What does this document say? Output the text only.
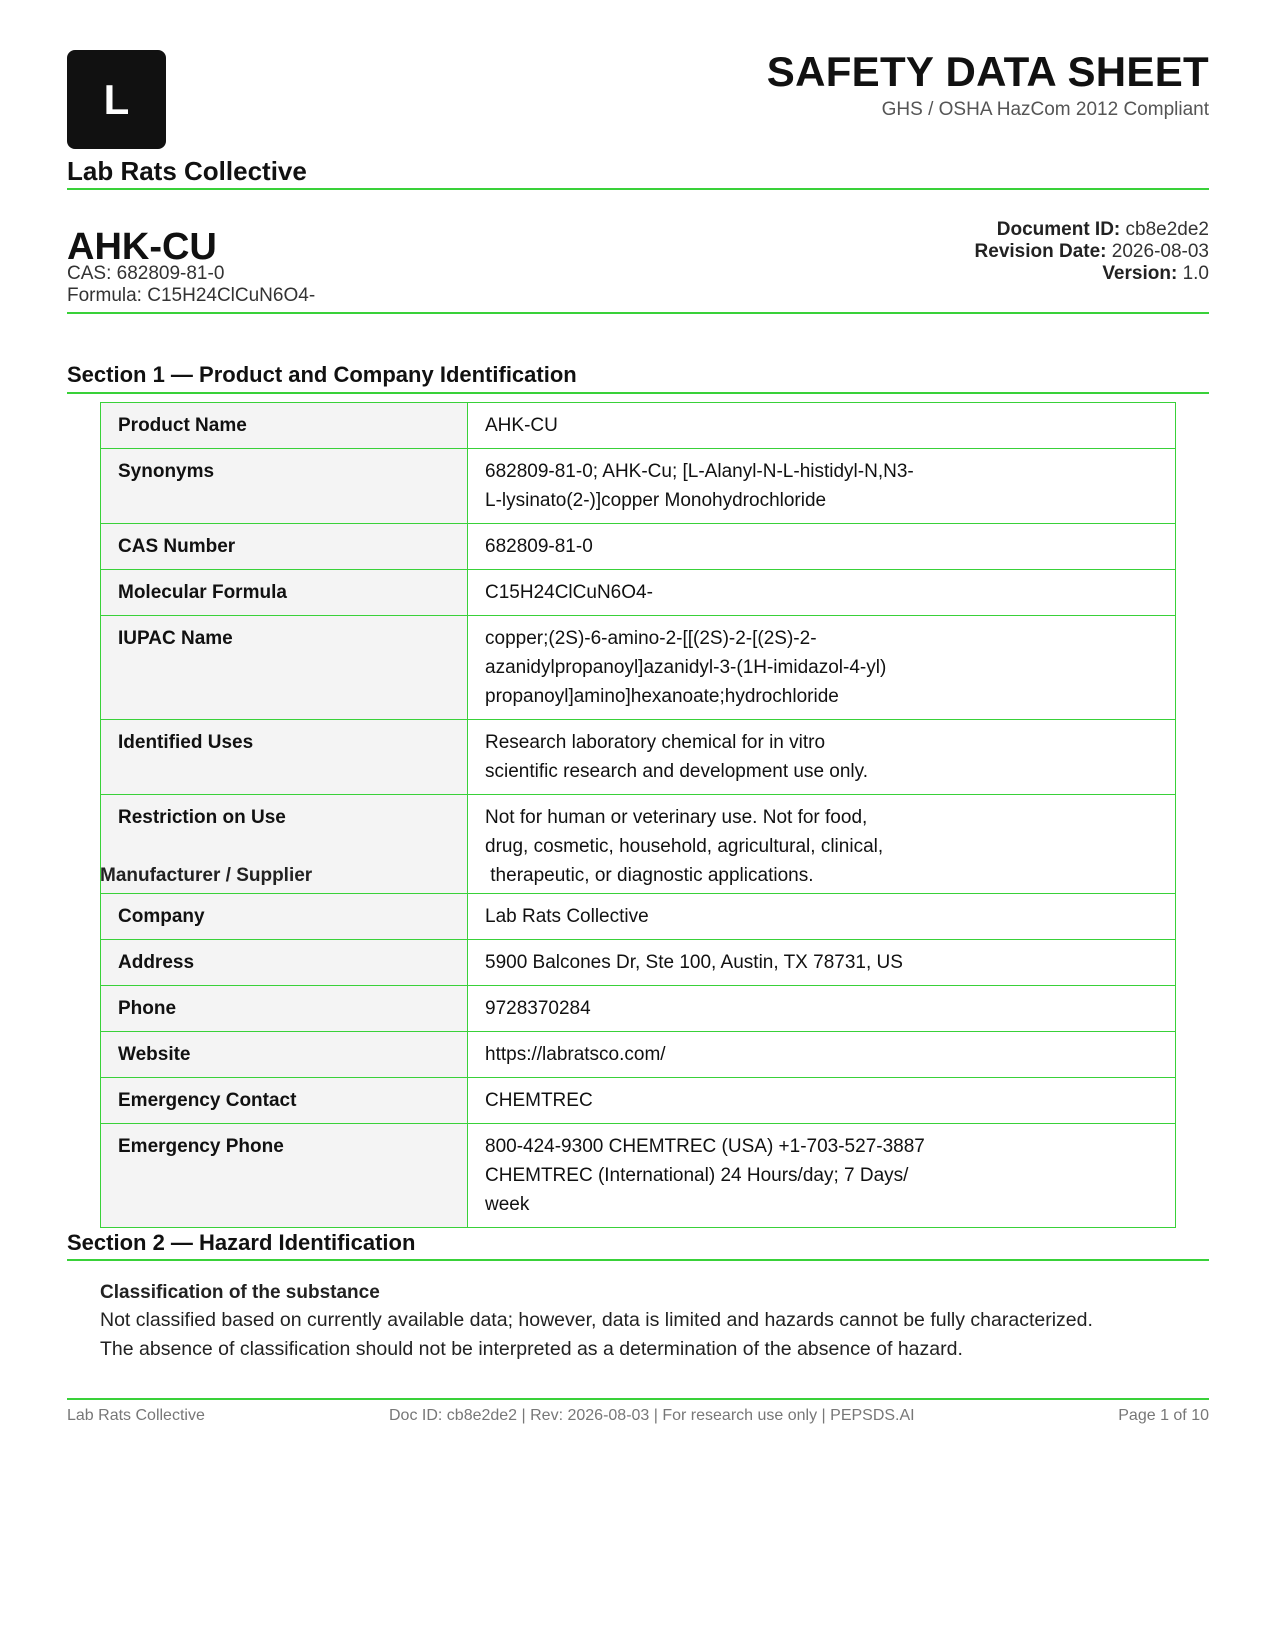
L
Lab Rats Collective
SAFETY DATA SHEET
GHS / OSHA HazCom 2012 Compliant
AHK-CU
CAS: 682809-81-0
Formula: C15H24ClCuN6O4-
Document ID: cb8e2de2
Revision Date: 2026-08-03
Version: 1.0
Section 1 — Product and Company Identification
Product Name	AHK-CU
Synonyms	682809-81-0; AHK-Cu; [L-Alanyl-N-L-histidyl-N,N3-
L-lysinato(2-)]copper Monohydrochloride
CAS Number	682809-81-0
Molecular Formula	C15H24ClCuN6O4-
IUPAC Name	copper;(2S)-6-amino-2-[[(2S)-2-[(2S)-2-
azanidylpropanoyl]azanidyl-3-(1H-imidazol-4-yl)
propanoyl]amino]hexanoate;hydrochloride
Identified Uses	Research laboratory chemical for in vitro
scientific research and development use only.
Restriction on Use	Not for human or veterinary use. Not for food,
drug, cosmetic, household, agricultural, clinical,
therapeutic, or diagnostic applications.
Manufacturer / Supplier
Company	Lab Rats Collective
Address	5900 Balcones Dr, Ste 100, Austin, TX 78731, US
Phone	9728370284
Website	https://labratsco.com/
Emergency Contact	CHEMTREC
Emergency Phone	800-424-9300 CHEMTREC (USA) +1-703-527-3887
CHEMTREC (International) 24 Hours/day; 7 Days/
week
Section 2 — Hazard Identification
Classification of the substance
Not classified based on currently available data; however, data is limited and hazards cannot be fully characterized.
The absence of classification should not be interpreted as a determination of the absence of hazard.
Lab Rats Collective	Doc ID: cb8e2de2 | Rev: 2026-08-03 | For research use only | PEPSDS.AI	Page 1 of 10
